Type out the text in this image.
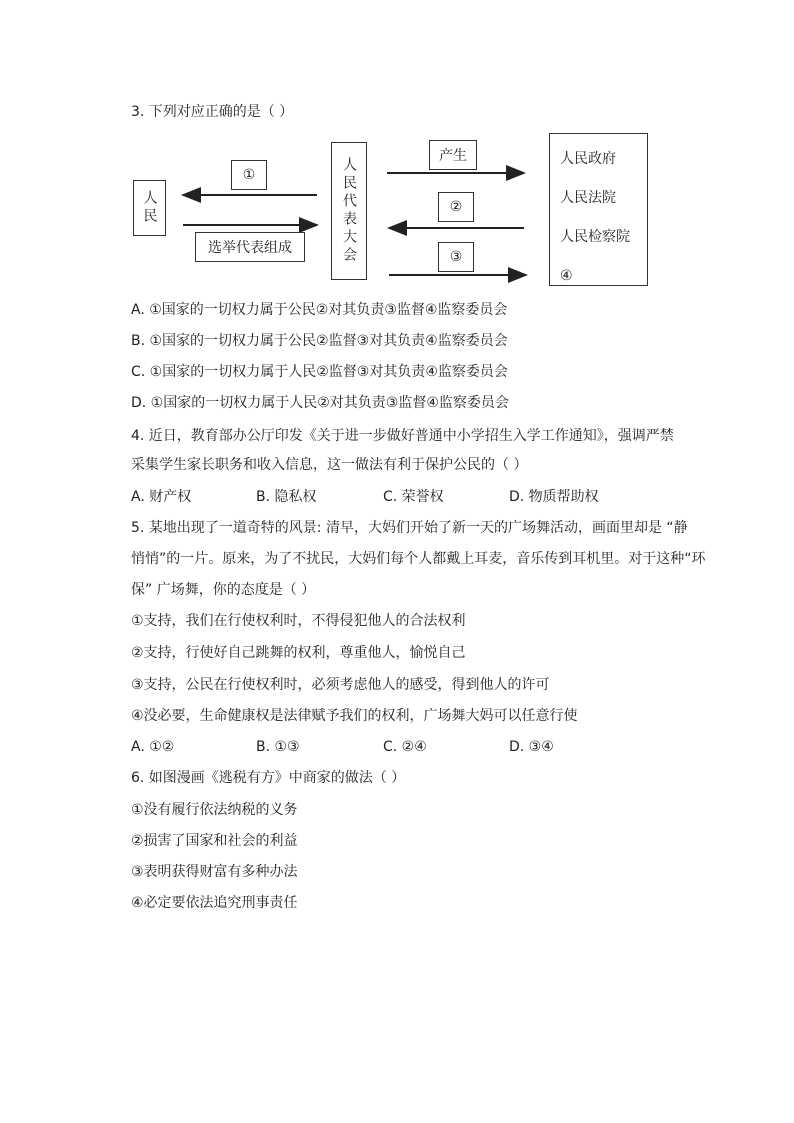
3. 下列对应正确的是（ ）
人民	人民代表大会	人民政府
人民法院
人民检察院
④
①
选举代表组成
产生
②
③
A. ①国家的一切权力属于公民②对其负责③监督④监察委员会
B. ①国家的一切权力属于公民②监督③对其负责④监察委员会
C. ①国家的一切权力属于人民②监督③对其负责④监察委员会
D. ①国家的一切权力属于人民②对其负责③监督④监察委员会
4. 近日，教育部办公厅印发《关于进一步做好普通中小学招生入学工作通知》，强调严禁
采集学生家长职务和收入信息，这一做法有利于保护公民的（ ）
A. 财产权	B. 隐私权	C. 荣誉权	D. 物质帮助权
5. 某地出现了一道奇特的风景: 清早，大妈们开始了新一天的广场舞活动，画面里却是 “静
悄悄”的一片。原来，为了不扰民，大妈们每个人都戴上耳麦，音乐传到耳机里。对于这种“环
保” 广场舞，你的态度是（ ）
①支持，我们在行使权利时，不得侵犯他人的合法权利
②支持，行使好自己跳舞的权利，尊重他人，愉悦自己
③支持，公民在行使权利时，必须考虑他人的感受，得到他人的许可
④没必要，生命健康权是法律赋予我们的权利，广场舞大妈可以任意行使
A. ①②	B. ①③	C. ②④	D. ③④
6. 如图漫画《逃税有方》中商家的做法（ ）
①没有履行依法纳税的义务
②损害了国家和社会的利益
③表明获得财富有多种办法
④必定要依法追究刑事责任
